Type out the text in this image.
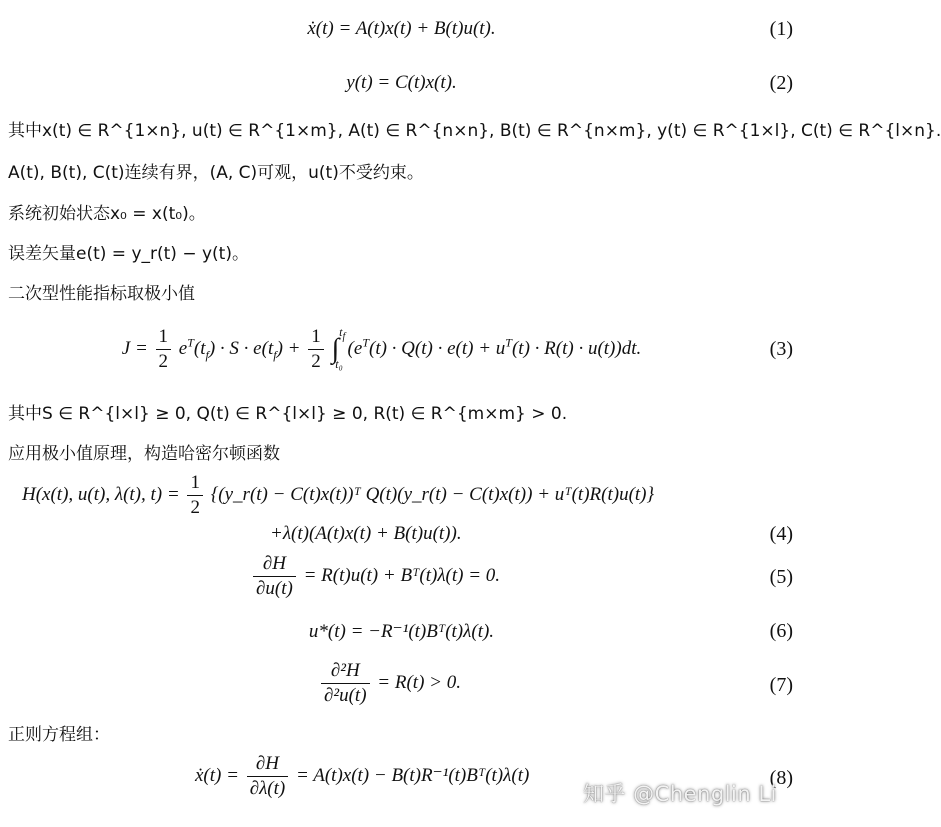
ẋ(t) = A(t)x(t) + B(t)u(t).	(1)
y(t) = C(t)x(t).	(2)
其中x(t) ∈ R^{1×n}, u(t) ∈ R^{1×m}, A(t) ∈ R^{n×n}, B(t) ∈ R^{n×m}, y(t) ∈ R^{1×l}, C(t) ∈ R^{l×n}.
A(t), B(t), C(t)连续有界，(A, C)可观，u(t)不受约束。
系统初始状态x₀ = x(t₀)。
误差矢量e(t) = y_r(t) − y(t)。
二次型性能指标取极小值
$J = \frac{1}{2} e^T(t_f) \cdot S \cdot e(t_f) + \frac{1}{2} \int^{t_f}_{t_0}$ $(e^T(t) \cdot Q(t) \cdot e(t) + u^T(t) \cdot R(t) \cdot u(t))dt$.	(3)
其中S ∈ R^{l×l} ≥ 0, Q(t) ∈ R^{l×l} ≥ 0, R(t) ∈ R^{m×m} > 0.
应用极小值原理，构造哈密尔顿函数
H(x(t), u(t), λ(t), $t) = \frac{1}{2}$ {(y_r(t) − C(t)x(t))ᵀ Q(t)(y_r(t) − C(t)x(t)) + uᵀ(t)R(t)u(t)}
+λ(t)(A(t)x(t) + B(t)u(t)).	(4)
$\frac{\partial H}{\partial u(t)} = R(t)u(t)$ + Bᵀ(t)λ(t) = 0.	(5)
u*(t) = −R⁻¹(t)Bᵀ(t)λ(t).	(6)
$\frac{\text{∂²H}}{\text{∂²u(t)}} = R(t) > 0$.	(7)
正则方程组：
ẋ(t) = $\frac{\partial H}{\partial\lambda(t)} = A(t)x(t)$ − B(t)R⁻¹(t)Bᵀ(t)λ(t)	(8)
知乎 @Chenglin Li
